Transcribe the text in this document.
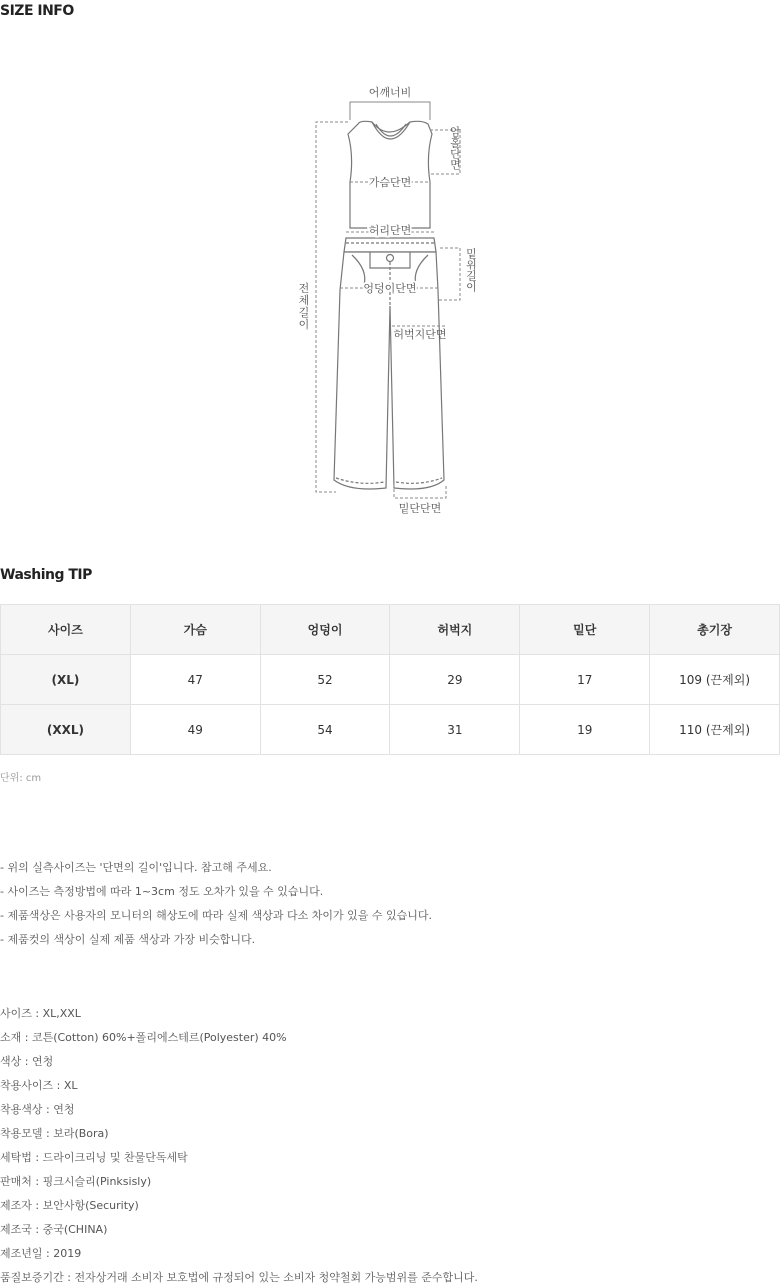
SIZE INFO
어깨너비
암홀단면
가슴단면
허리단면
밑위길이
전
체
길
이
엉덩이단면
허벅지단면
밑단단면
Washing TIP
사이즈	가슴	엉덩이	허벅지	밑단	총기장
(XL)	47	52	29	17	109 (끈제외)
(XXL)	49	54	31	19	110 (끈제외)
단위: cm
- 위의 실측사이즈는 '단면의 길이'입니다. 참고해 주세요.
- 사이즈는 측정방법에 따라 1~3cm 정도 오차가 있을 수 있습니다.
- 제품색상은 사용자의 모니터의 해상도에 따라 실제 색상과 다소 차이가 있을 수 있습니다.
- 제품컷의 색상이 실제 제품 색상과 가장 비슷합니다.
사이즈 : XL,XXL
소재 : 코튼(Cotton) 60%+폴리에스테르(Polyester) 40%
색상 : 연청
착용사이즈 : XL
착용색상 : 연청
착용모델 : 보라(Bora)
세탁법 : 드라이크리닝 및 찬물단독세탁
판매처 : 핑크시슬리(Pinksisly)
제조자 : 보안사항(Security)
제조국 : 중국(CHINA)
제조년일 : 2019
품질보증기간 : 전자상거래 소비자 보호법에 규정되어 있는 소비자 청약철회 가능범위를 준수합니다.
